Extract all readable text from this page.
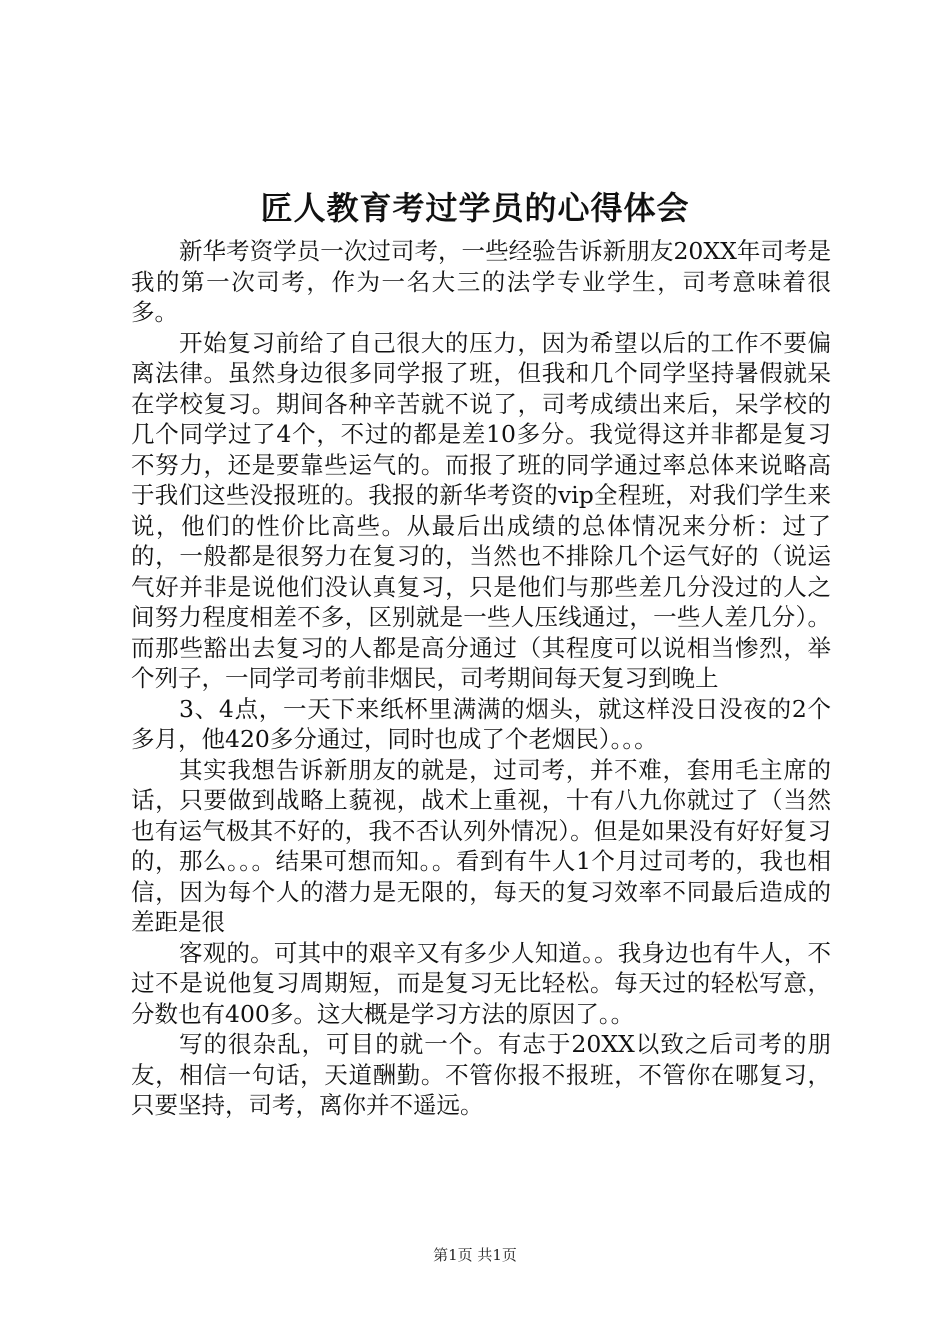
匠人教育考过学员的心得体会

新华考资学员一次过司考，一些经验告诉新朋友20XX年司考是我的第一次司考，作为一名大三的法学专业学生，司考意味着很多。

开始复习前给了自己很大的压力，因为希望以后的工作不要偏离法律。虽然身边很多同学报了班，但我和几个同学坚持暑假就呆在学校复习。期间各种辛苦就不说了，司考成绩出来后，呆学校的几个同学过了4个，不过的都是差10多分。我觉得这并非都是复习不努力，还是要靠些运气的。而报了班的同学通过率总体来说略高于我们这些没报班的。我报的新华考资的vip全程班，对我们学生来说，他们的性价比高些。从最后出成绩的总体情况来分析：过了的，一般都是很努力在复习的，当然也不排除几个运气好的（说运气好并非是说他们没认真复习，只是他们与那些差几分没过的人之间努力程度相差不多，区别就是一些人压线通过，一些人差几分）。而那些豁出去复习的人都是高分通过（其程度可以说相当惨烈，举个列子，一同学司考前非烟民，司考期间每天复习到晚上

3、4点，一天下来纸杯里满满的烟头，就这样没日没夜的2个多月，他420多分通过，同时也成了个老烟民）。。。

其实我想告诉新朋友的就是，过司考，并不难，套用毛主席的话，只要做到战略上藐视，战术上重视，十有八九你就过了（当然也有运气极其不好的，我不否认列外情况）。但是如果没有好好复习的，那么。。。结果可想而知。。看到有牛人1个月过司考的，我也相信，因为每个人的潜力是无限的，每天的复习效率不同最后造成的差距是很

客观的。可其中的艰辛又有多少人知道。。我身边也有牛人，不过不是说他复习周期短，而是复习无比轻松。每天过的轻松写意，分数也有400多。这大概是学习方法的原因了。。

写的很杂乱，可目的就一个。有志于20XX以致之后司考的朋友，相信一句话，天道酬勤。不管你报不报班，不管你在哪复习，只要坚持，司考，离你并不遥远。

第1页 共1页
